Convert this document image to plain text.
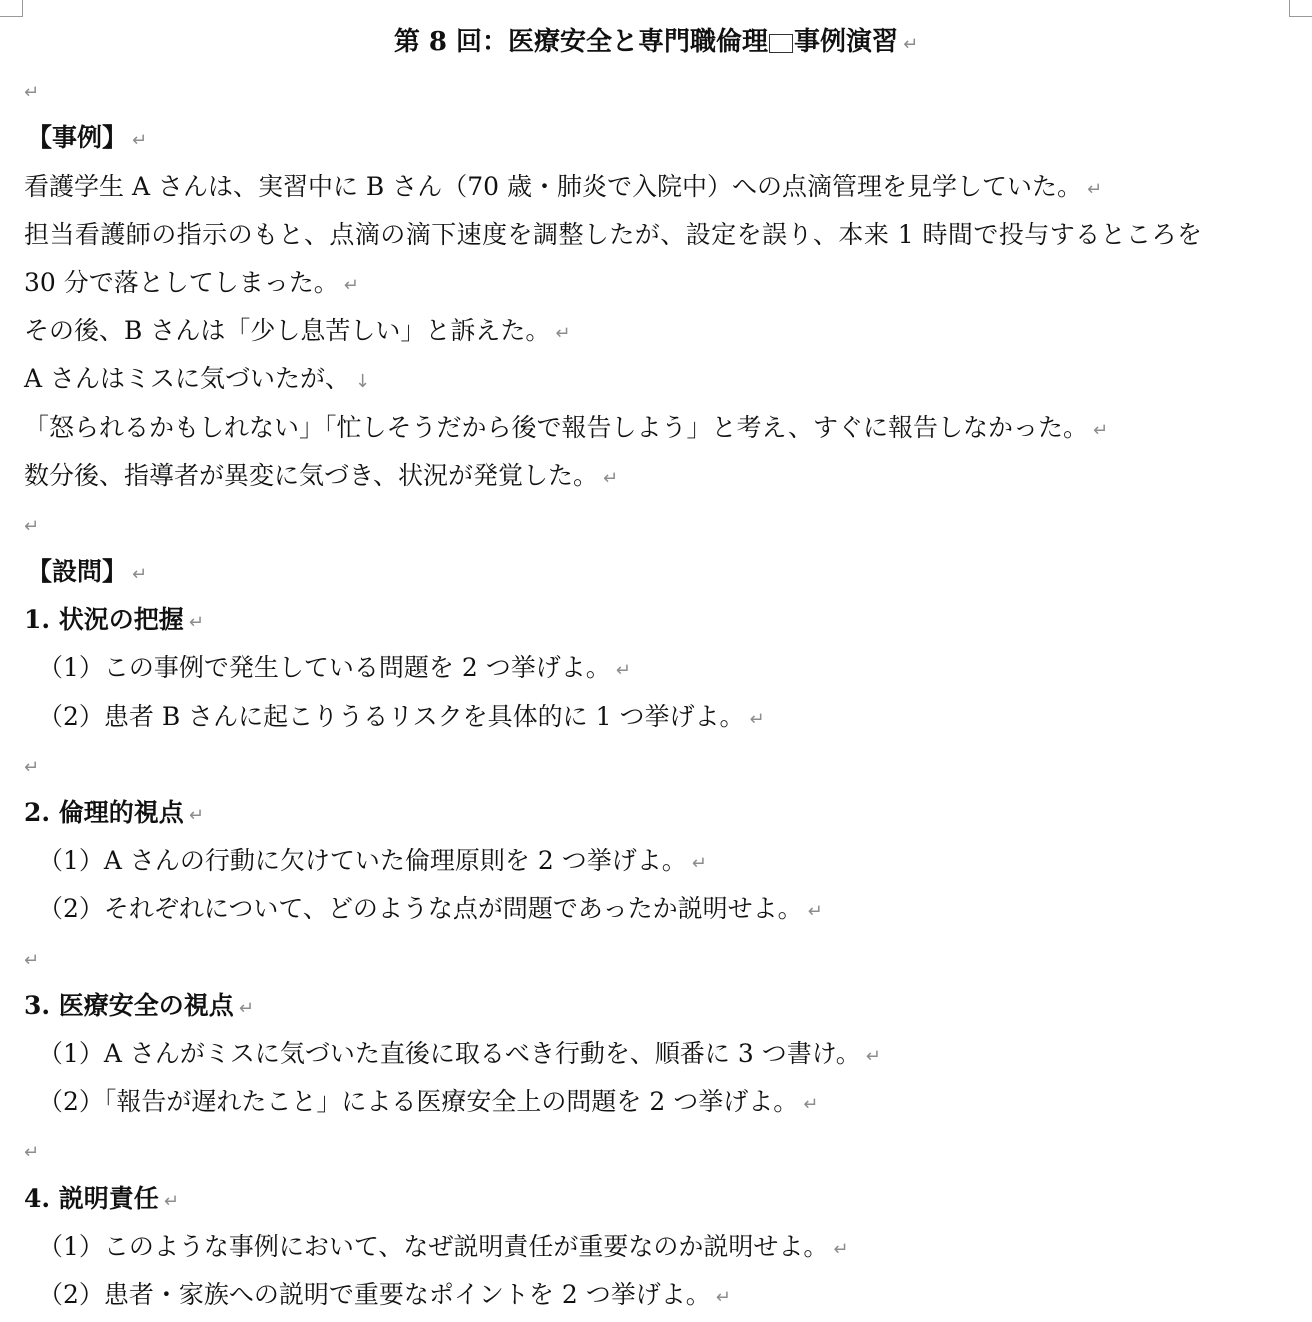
第 8 回：医療安全と専門職倫理 事例演習 ↵
↵
【事例】 ↵
看護学生 A さんは、実習中に B さん（70 歳・肺炎で入院中）への点滴管理を見学していた。 ↵
担当看護師の指示のもと、点滴の滴下速度を調整したが、設定を誤り、本来 1 時間で投与するところを
30 分で落としてしまった。 ↵
その後、B さんは「少し息苦しい」と訴えた。 ↵
A さんはミスに気づいたが、 ↓
「怒られるかもしれない」「忙しそうだから後で報告しよう」と考え、すぐに報告しなかった。 ↵
数分後、指導者が異変に気づき、状況が発覚した。 ↵
↵
【設問】 ↵
1. 状況の把握 ↵
（1）この事例で発生している問題を 2 つ挙げよ。 ↵
（2）患者 B さんに起こりうるリスクを具体的に 1 つ挙げよ。 ↵
↵
2. 倫理的視点 ↵
（1）A さんの行動に欠けていた倫理原則を 2 つ挙げよ。 ↵
（2）それぞれについて、どのような点が問題であったか説明せよ。 ↵
↵
3. 医療安全の視点 ↵
（1）A さんがミスに気づいた直後に取るべき行動を、順番に 3 つ書け。 ↵
（2）「報告が遅れたこと」による医療安全上の問題を 2 つ挙げよ。 ↵
↵
4. 説明責任 ↵
（1）このような事例において、なぜ説明責任が重要なのか説明せよ。 ↵
（2）患者・家族への説明で重要なポイントを 2 つ挙げよ。 ↵
